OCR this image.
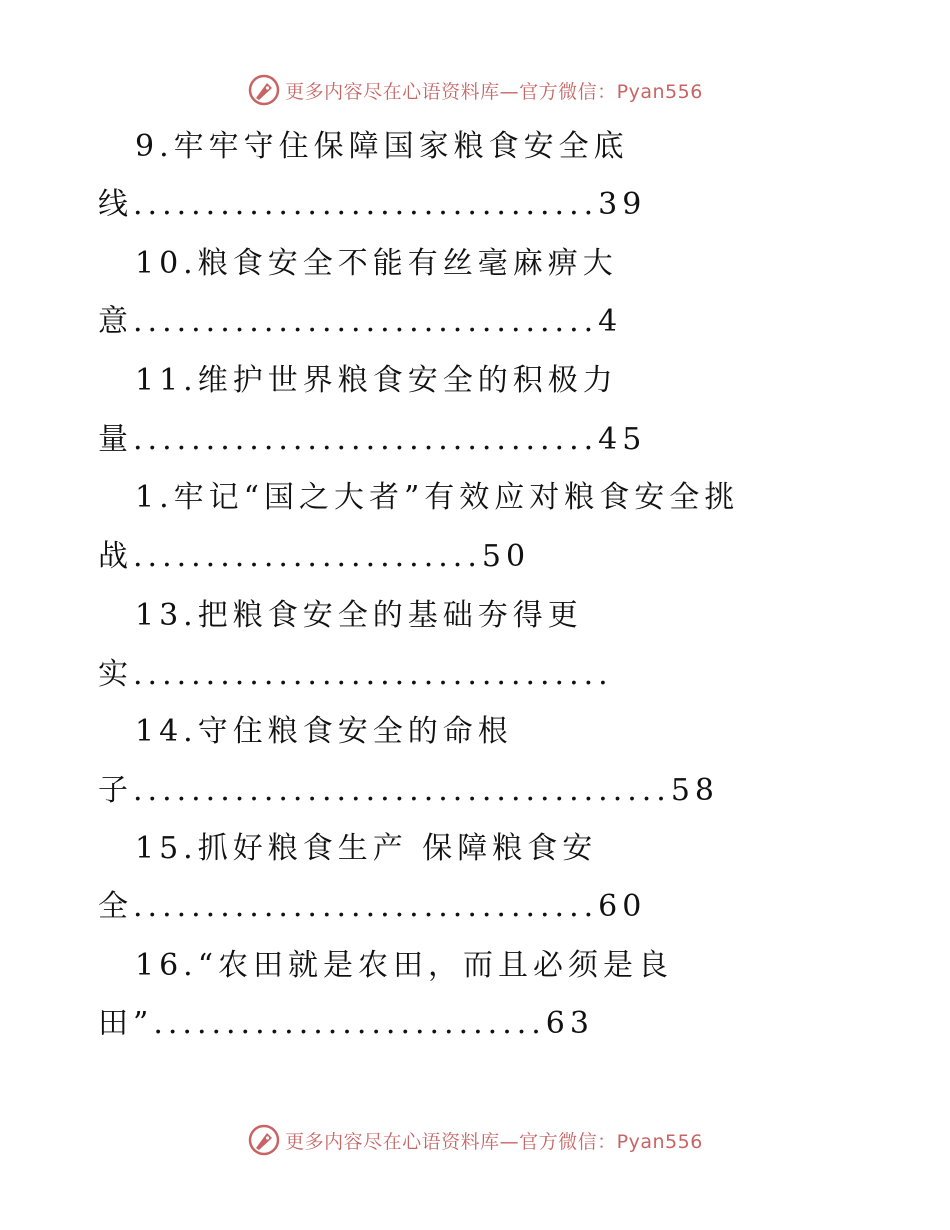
更多内容尽在心语资料库—官方微信：Pyan556
9.牢牢守住保障国家粮食安全底
线................................39
10.粮食安全不能有丝毫麻痹大
意................................4
11.维护世界粮食安全的积极力
量................................45
1.牢记“国之大者”有效应对粮食安全挑
战........................50
13.把粮食安全的基础夯得更
实.................................
14.守住粮食安全的命根
子.....................................58
15.抓好粮食生产 保障粮食安
全................................60
16.“农田就是农田，而且必须是良
田”...........................63
更多内容尽在心语资料库—官方微信：Pyan556
